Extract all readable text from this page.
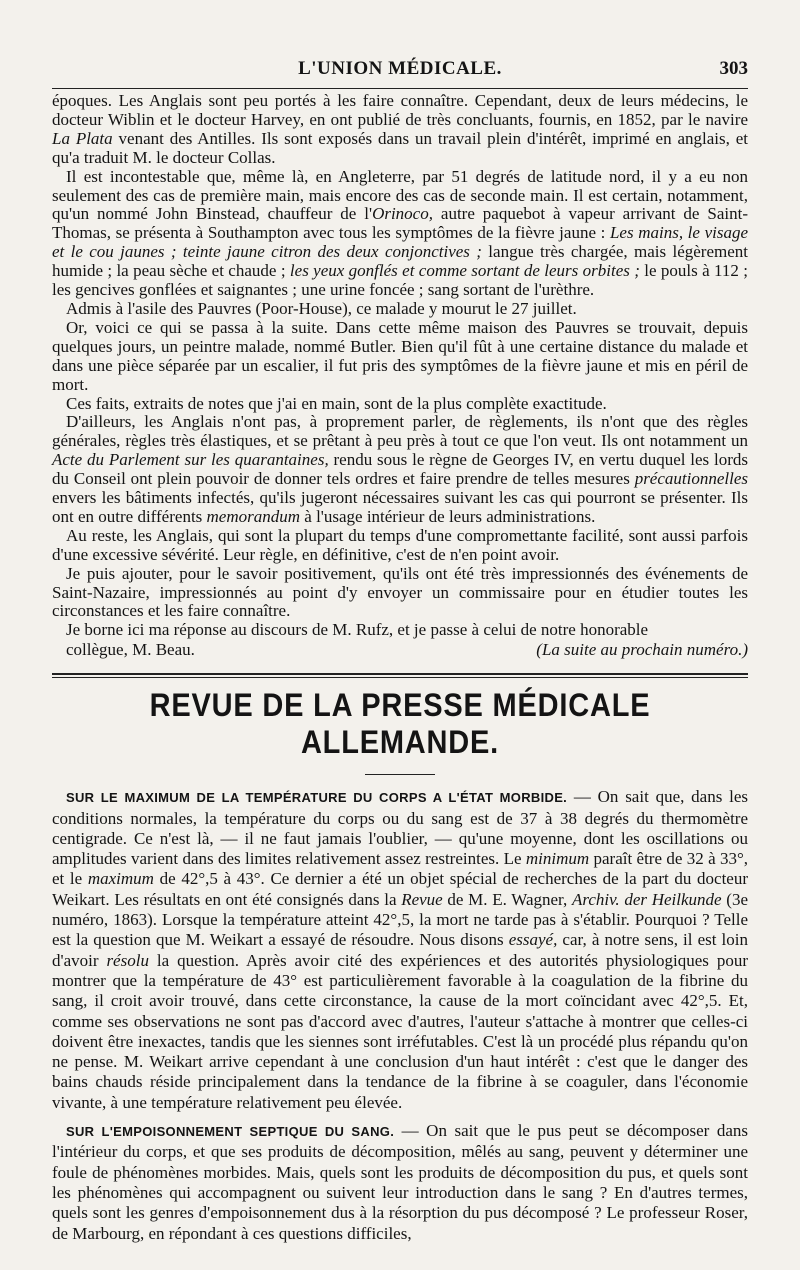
L'UNION MÉDICALE.	303

époques. Les Anglais sont peu portés à les faire connaître. Cependant, deux de leurs médecins, le docteur Wiblin et le docteur Harvey, en ont publié de très concluants, fournis, en 1852, par le navire La Plata venant des Antilles. Ils sont exposés dans un travail plein d'intérêt, imprimé en anglais, et qu'a traduit M. le docteur Collas.

Il est incontestable que, même là, en Angleterre, par 51 degrés de latitude nord, il y a eu non seulement des cas de première main, mais encore des cas de seconde main. Il est certain, notamment, qu'un nommé John Binstead, chauffeur de l'Orinoco, autre paquebot à vapeur arrivant de Saint-Thomas, se présenta à Southampton avec tous les symptômes de la fièvre jaune : Les mains, le visage et le cou jaunes ; teinte jaune citron des deux conjonctives ; langue très chargée, mais légèrement humide ; la peau sèche et chaude ; les yeux gonflés et comme sortant de leurs orbites ; le pouls à 112 ; les gencives gonflées et saignantes ; une urine foncée ; sang sortant de l'urèthre.

Admis à l'asile des Pauvres (Poor-House), ce malade y mourut le 27 juillet.

Or, voici ce qui se passa à la suite. Dans cette même maison des Pauvres se trouvait, depuis quelques jours, un peintre malade, nommé Butler. Bien qu'il fût à une certaine distance du malade et dans une pièce séparée par un escalier, il fut pris des symptômes de la fièvre jaune et mis en péril de mort.

Ces faits, extraits de notes que j'ai en main, sont de la plus complète exactitude.

D'ailleurs, les Anglais n'ont pas, à proprement parler, de règlements, ils n'ont que des règles générales, règles très élastiques, et se prêtant à peu près à tout ce que l'on veut. Ils ont notamment un Acte du Parlement sur les quarantaines, rendu sous le règne de Georges IV, en vertu duquel les lords du Conseil ont plein pouvoir de donner tels ordres et faire prendre de telles mesures précautionnelles envers les bâtiments infectés, qu'ils jugeront nécessaires suivant les cas qui pourront se présenter. Ils ont en outre différents memorandum à l'usage intérieur de leurs administrations.

Au reste, les Anglais, qui sont la plupart du temps d'une compromettante facilité, sont aussi parfois d'une excessive sévérité. Leur règle, en définitive, c'est de n'en point avoir.

Je puis ajouter, pour le savoir positivement, qu'ils ont été très impressionnés des événements de Saint-Nazaire, impressionnés au point d'y envoyer un commissaire pour en étudier toutes les circonstances et les faire connaître.

Je borne ici ma réponse au discours de M. Rufz, et je passe à celui de notre honorable

collègue, M. Beau.	(La suite au prochain numéro.)
REVUE DE LA PRESSE MÉDICALE ALLEMANDE.

SUR LE MAXIMUM DE LA TEMPÉRATURE DU CORPS A L'ÉTAT MORBIDE. — On sait que, dans les conditions normales, la température du corps ou du sang est de 37 à 38 degrés du thermomètre centigrade. Ce n'est là, — il ne faut jamais l'oublier, — qu'une moyenne, dont les oscillations ou amplitudes varient dans des limites relativement assez restreintes. Le minimum paraît être de 32 à 33°, et le maximum de 42°,5 à 43°. Ce dernier a été un objet spécial de recherches de la part du docteur Weikart. Les résultats en ont été consignés dans la Revue de M. E. Wagner, Archiv. der Heilkunde (3e numéro, 1863). Lorsque la température atteint 42°,5, la mort ne tarde pas à s'établir. Pourquoi ? Telle est la question que M. Weikart a essayé de résoudre. Nous disons essayé, car, à notre sens, il est loin d'avoir résolu la question. Après avoir cité des expériences et des autorités physiologiques pour montrer que la température de 43° est particulièrement favorable à la coagulation de la fibrine du sang, il croit avoir trouvé, dans cette circonstance, la cause de la mort coïncidant avec 42°,5. Et, comme ses observations ne sont pas d'accord avec d'autres, l'auteur s'attache à montrer que celles-ci doivent être inexactes, tandis que les siennes sont irréfutables. C'est là un procédé plus répandu qu'on ne pense. M. Weikart arrive cependant à une conclusion d'un haut intérêt : c'est que le danger des bains chauds réside principalement dans la tendance de la fibrine à se coaguler, dans l'économie vivante, à une température relativement peu élevée.

SUR L'EMPOISONNEMENT SEPTIQUE DU SANG. — On sait que le pus peut se décomposer dans l'intérieur du corps, et que ses produits de décomposition, mêlés au sang, peuvent y déterminer une foule de phénomènes morbides. Mais, quels sont les produits de décomposition du pus, et quels sont les phénomènes qui accompagnent ou suivent leur introduction dans le sang ? En d'autres termes, quels sont les genres d'empoisonnement dus à la résorption du pus décomposé ? Le professeur Roser, de Marbourg, en répondant à ces questions difficiles,
